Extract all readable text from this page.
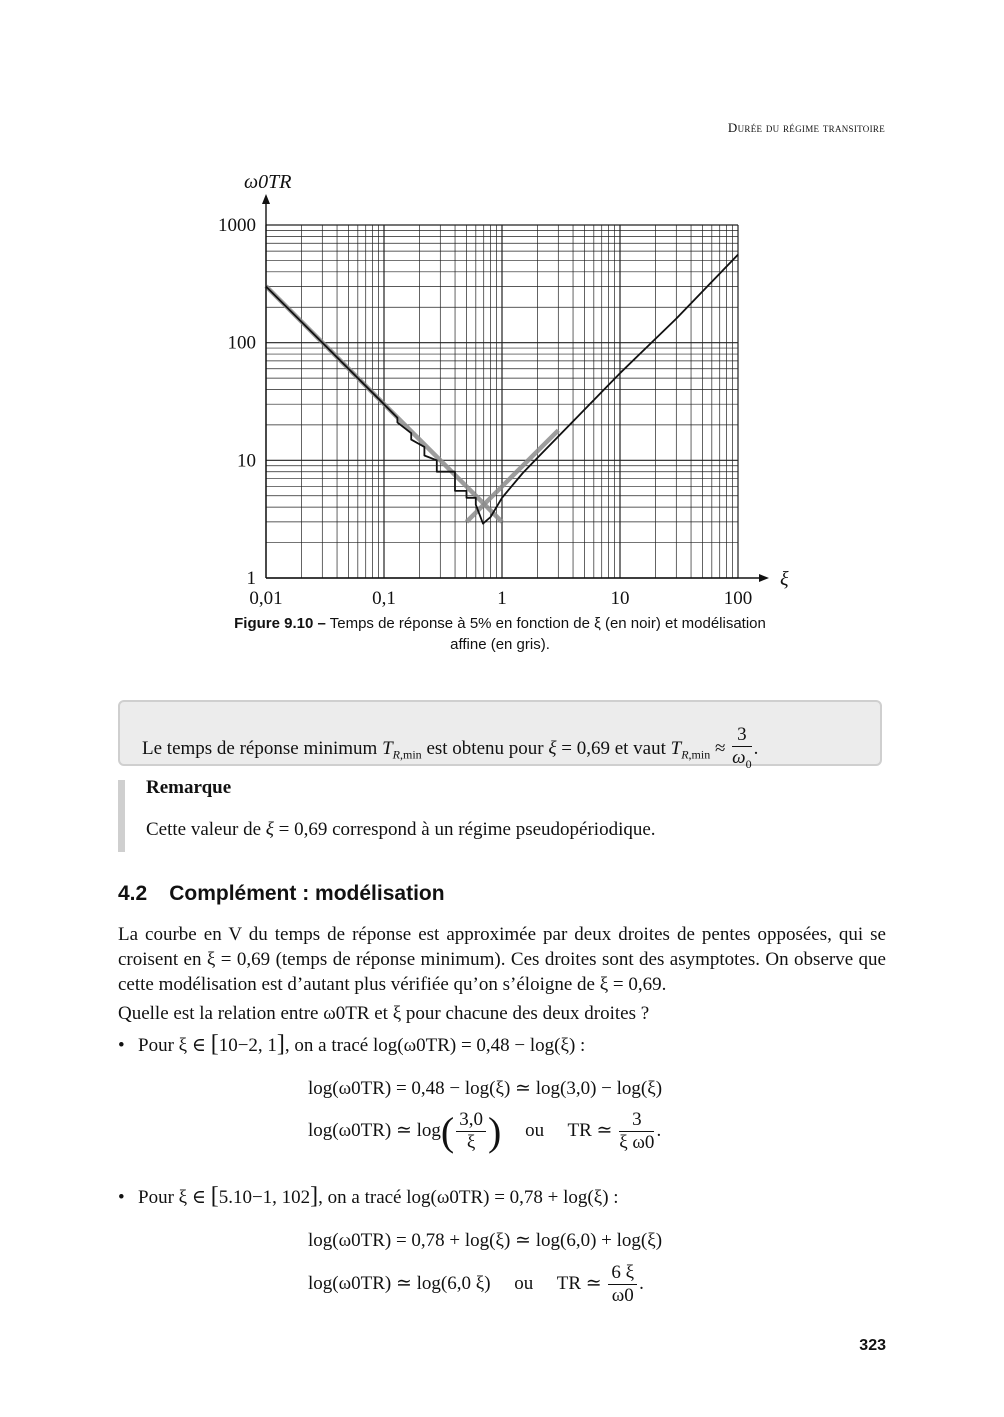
Durée du régime transitoire
1
10
100
1000
0,01	0,1	1	10	100
ξ
ω0TR
Figure 9.10 – Temps de réponse à 5% en fonction de ξ (en noir) et modélisation
affine (en gris).
Le temps de réponse minimum $T_{R,min}$ est obtenu pour ξ = 0,69 et vaut $T_{R,min} \approx \frac{3}{\omega_0}$ .
Remarque
Cette valeur de ξ = 0,69 correspond à un régime pseudopériodique.
4.2 Complément : modélisation
La courbe en V du temps de réponse est approximée par deux droites de pentes opposées, qui se croisent en ξ = 0,69 (temps de réponse minimum). Ces droites sont des asymptotes. On observe que cette modélisation est d’autant plus vérifiée qu’on s’éloigne de ξ = 0,69.
Quelle est la relation entre ω0TR et ξ pour chacune des deux droites ?
• Pour ξ ∈ [10−2, 1], on a tracé log(ω0TR) = 0,48 − log(ξ) :
log(ω0TR) = 0,48 − log(ξ) ≃ log(3,0) − log(ξ)
log(ω0TR) ≃ $\log( \frac{3,0}{\xi}$ ) ou TR ≃ $\frac{3}{\text{ξ ω0}}$ .
• Pour ξ ∈ [5.10−1, 102], on a tracé log(ω0TR) = 0,78 + log(ξ) :
log(ω0TR) = 0,78 + log(ξ) ≃ log(6,0) + log(ξ)
log(ω0TR) ≃ log(6,0 ξ) ou TR ≃ $\frac{6 \xi}{\omega 0}$ .
323
